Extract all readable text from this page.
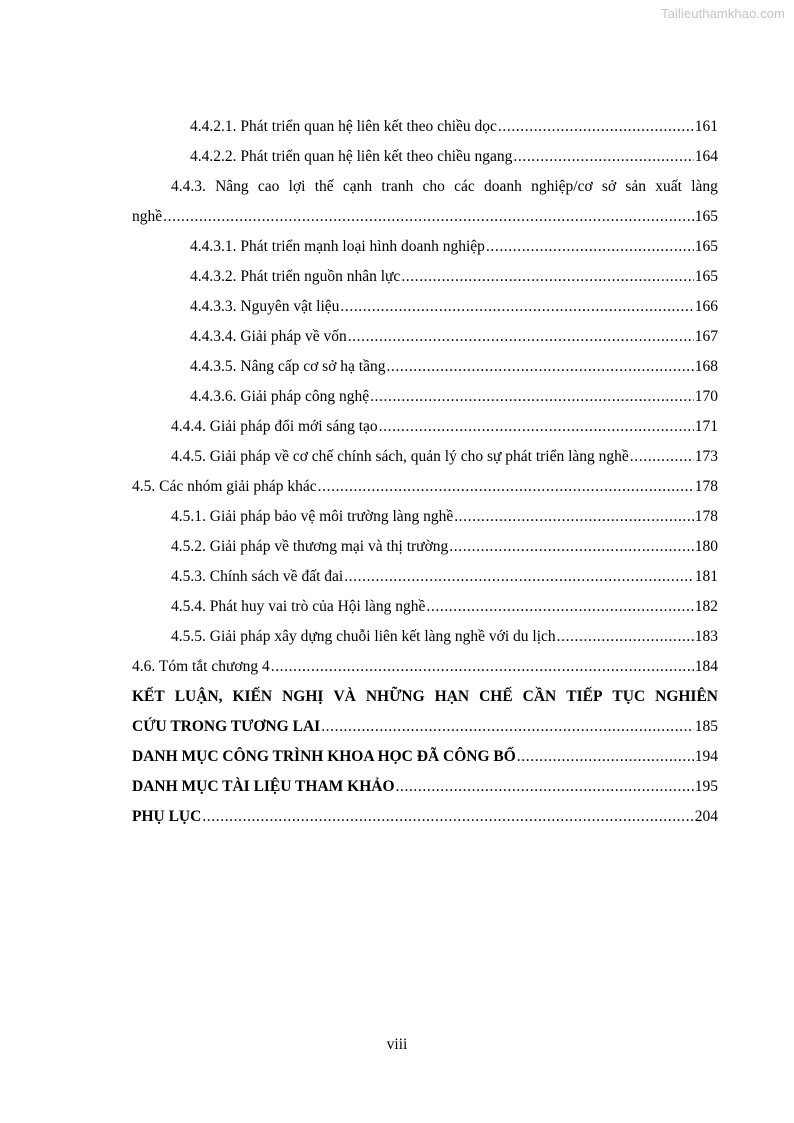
Tailieuthamkhao.com
4.4.2.1. Phát triển quan hệ liên kết theo chiều dọc .....	161
4.4.2.2. Phát triển quan hệ liên kết theo chiều ngang .....	164
4.4.3. Nâng cao lợi thế cạnh tranh cho các doanh nghiệp/cơ sở sản xuất làng
nghề .....	165
4.4.3.1. Phát triển mạnh loại hình doanh nghiệp .....	165
4.4.3.2. Phát triển nguồn nhân lực .....	165
4.4.3.3. Nguyên vật liệu .....	166
4.4.3.4. Giải pháp về vốn .....	167
4.4.3.5. Nâng cấp cơ sở hạ tầng .....	168
4.4.3.6. Giải pháp công nghệ .....	170
4.4.4. Giải pháp đổi mới sáng tạo .....	171
4.4.5. Giải pháp về cơ chế chính sách, quản lý cho sự phát triển làng nghề .....	173
4.5. Các nhóm giải pháp khác .....	178
4.5.1. Giải pháp bảo vệ môi trường làng nghề .....	178
4.5.2. Giải pháp về thương mại và thị trường .....	180
4.5.3. Chính sách về đất đai .....	181
4.5.4. Phát huy vai trò của Hội làng nghề .....	182
4.5.5. Giải pháp xây dựng chuỗi liên kết làng nghề với du lịch .....	183
4.6. Tóm tắt chương 4 .....	184
KẾT LUẬN, KIẾN NGHỊ VÀ NHỮNG HẠN CHẾ CẦN TIẾP TỤC NGHIÊN
CỨU TRONG TƯƠNG LAI .....	185
DANH MỤC CÔNG TRÌNH KHOA HỌC ĐÃ CÔNG BỐ .....	194
DANH MỤC TÀI LIỆU THAM KHẢO .....	195
PHỤ LỤC .....	204
viii
